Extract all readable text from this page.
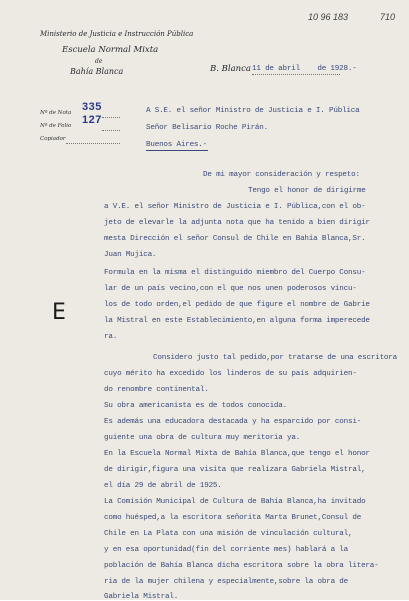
10 96 183	710
Ministerio de Justicia e Instrucción Pública
Escuela Normal Mixta
de
Bahía Blanca
Nº de Nota 335
Nº de Folio 127
Copiador
B. Blanca 11 de abril    de 1928.-
A S.E. el señor Ministro de Justicia e I. Pública
Señor Belisario Roche Pirán.
Buenos Aires.-
De mi mayor consideración y respeto:
Tengo el honor de dirigirme
a V.E. el señor Ministro de Justicia e I. Pública,con el ob-
jeto de elevarle la adjunta nota que ha tenido a bien dirigir
mesta Dirección el señor Consul de Chile en Bahía Blanca,Sr.
Juan Mujica.
Formula en la misma el distinguido miembro del Cuerpo Consu-
lar de un país vecino,con el que nos unen poderosos víncu-
los de todo orden,el pedido de que figure el nombre de Gabrie
la Mistral en este Establecimiento,en alguna forma imperecede
ra.
Considero justo tal pedido,por tratarse de una escritora
cuyo mérito ha excedido los linderos de su país adquirien-
do renombre continental.
Su obra americanista es de todos conocida.
Es además una educadora destacada y ha esparcido por consi-
guiente una obra de cultura muy meritoria ya.
En la Escuela Normal Mixta de Bahía Blanca,que tengo el honor
de dirigir,figura una visita que realizara Gabriela Mistral,
el día 29 de abril de 1925.
La Comisión Municipal de Cultura de Bahía Blanca,ha invitado
como huésped,a la escritora señorita Marta Brunet,Consul de
Chile en La Plata con una misión de vinculación cultural,
y en esa oportunidad(fin del corriente mes) hablará a la
población de Bahía Blanca dicha escritora sobre la obra litera-
ria de la mujer chilena y especialmente,sobre la obra de
Gabriela Mistral.
E
